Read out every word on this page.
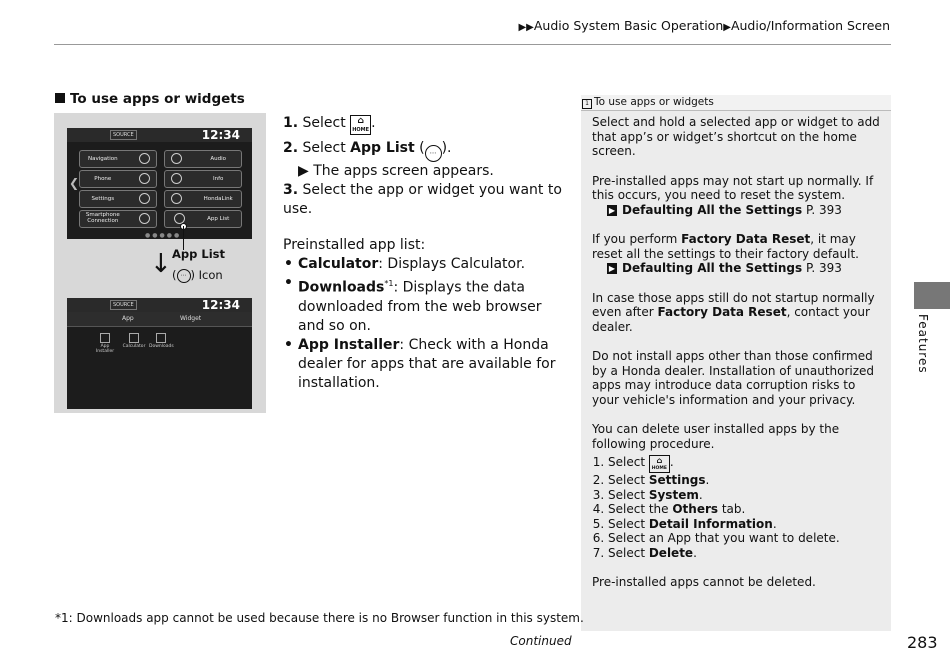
▶▶Audio System Basic Operation▶Audio/Information Screen
To use apps or widgets
SOURCE	12:34
❮
Navigation
Phone
Settings
Smartphone Connection
Audio
Info
HondaLink
App List
●●●●●
App List
( ⋯ ) Icon
↓
SOURCE	12:34
App	Widget
App Installer
Calculator Downloads

1. Select	⌂
HOME .

2. Select App List ( ⋯ ).

▶ The apps screen appears.

3. Select the app or widget you want to use.

Preinstalled app list:

• Calculator: Displays Calculator.

• Downloads$^{*1}$: Displays the data downloaded from the web browser and so on.

• App Installer: Check with a Honda dealer for apps that are available for installation.

1 To use apps or widgets

Select and hold a selected app or widget to add that app’s or widget’s shortcut on the home screen.

Pre-installed apps may not start up normally. If this occurs, you need to reset the system.
▶ Defaulting All the Settings P. 393

If you perform Factory Data Reset, it may reset all the settings to their factory default.
▶ Defaulting All the Settings P. 393

In case those apps still do not startup normally even after Factory Data Reset, contact your dealer.

Do not install apps other than those confirmed by a Honda dealer. Installation of unauthorized apps may introduce data corruption risks to your vehicle's information and your privacy.

You can delete user installed apps by the following procedure.

1. Select	⌂
HOME .
2. Select Settings.
3. Select System.
4. Select the Others tab.
5. Select Detail Information.
6. Select an App that you want to delete.
7. Select Delete.

Pre-installed apps cannot be deleted.

*1: Downloads app cannot be used because there is no Browser function in this system.
Continued	283
Features
